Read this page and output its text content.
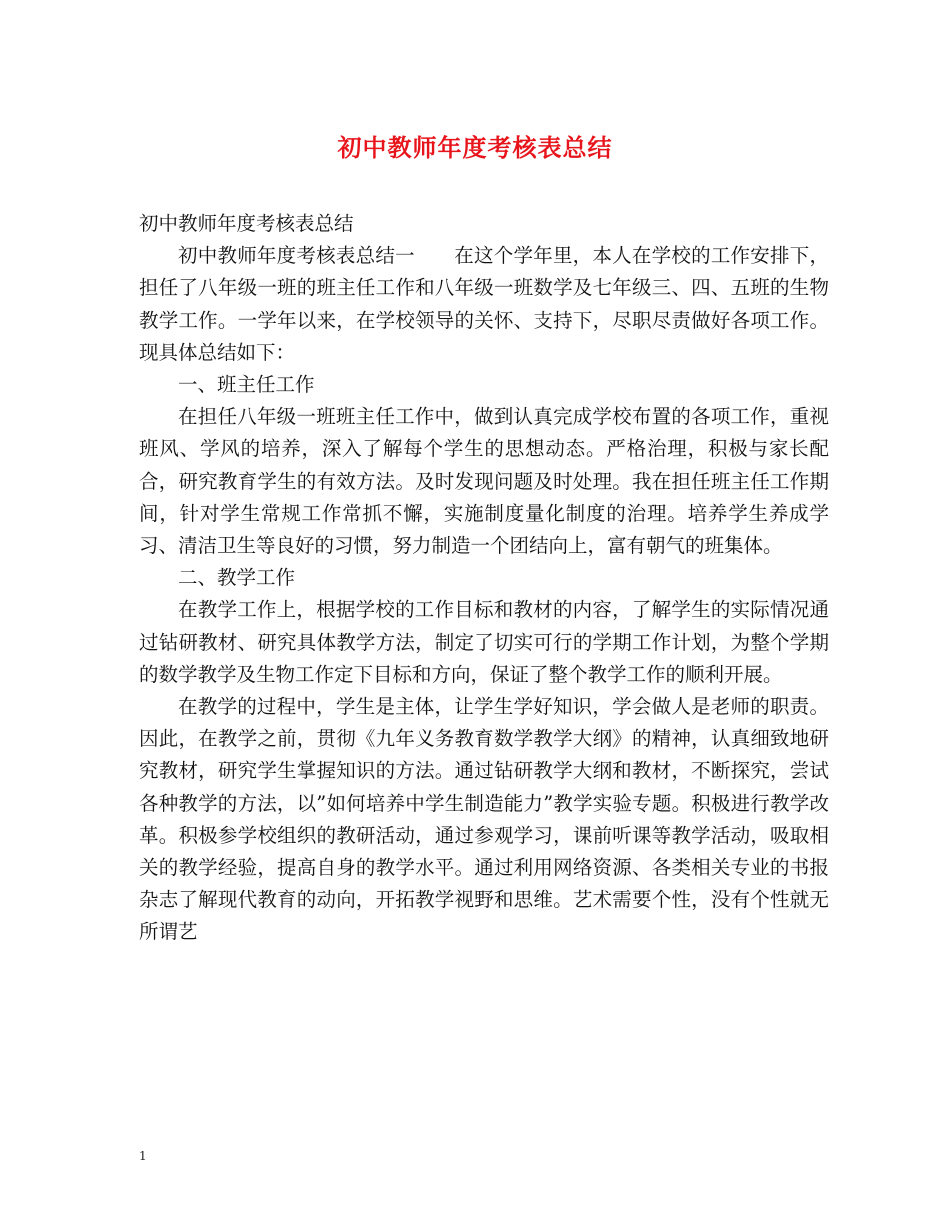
初中教师年度考核表总结

初中教师年度考核表总结

初中教师年度考核表总结一　　在这个学年里，本人在学校的工作安排下，担任了八年级一班的班主任工作和八年级一班数学及七年级三、四、五班的生物教学工作。一学年以来，在学校领导的关怀、支持下，尽职尽责做好各项工作。现具体总结如下：

一、班主任工作

在担任八年级一班班主任工作中，做到认真完成学校布置的各项工作，重视班风、学风的培养，深入了解每个学生的思想动态。严格治理，积极与家长配合，研究教育学生的有效方法。及时发现问题及时处理。我在担任班主任工作期间，针对学生常规工作常抓不懈，实施制度量化制度的治理。培养学生养成学习、清洁卫生等良好的习惯，努力制造一个团结向上，富有朝气的班集体。

二、教学工作

在教学工作上，根据学校的工作目标和教材的内容，了解学生的实际情况通过钻研教材、研究具体教学方法，制定了切实可行的学期工作计划，为整个学期的数学教学及生物工作定下目标和方向，保证了整个教学工作的顺利开展。

在教学的过程中，学生是主体，让学生学好知识，学会做人是老师的职责。因此，在教学之前，贯彻《九年义务教育数学教学大纲》的精神，认真细致地研究教材，研究学生掌握知识的方法。通过钻研教学大纲和教材，不断探究，尝试各种教学的方法，以”如何培养中学生制造能力”教学实验专题。积极进行教学改革。积极参学校组织的教研活动，通过参观学习，课前听课等教学活动，吸取相关的教学经验，提高自身的教学水平。通过利用网络资源、各类相关专业的书报杂志了解现代教育的动向，开拓教学视野和思维。艺术需要个性，没有个性就无所谓艺

1
